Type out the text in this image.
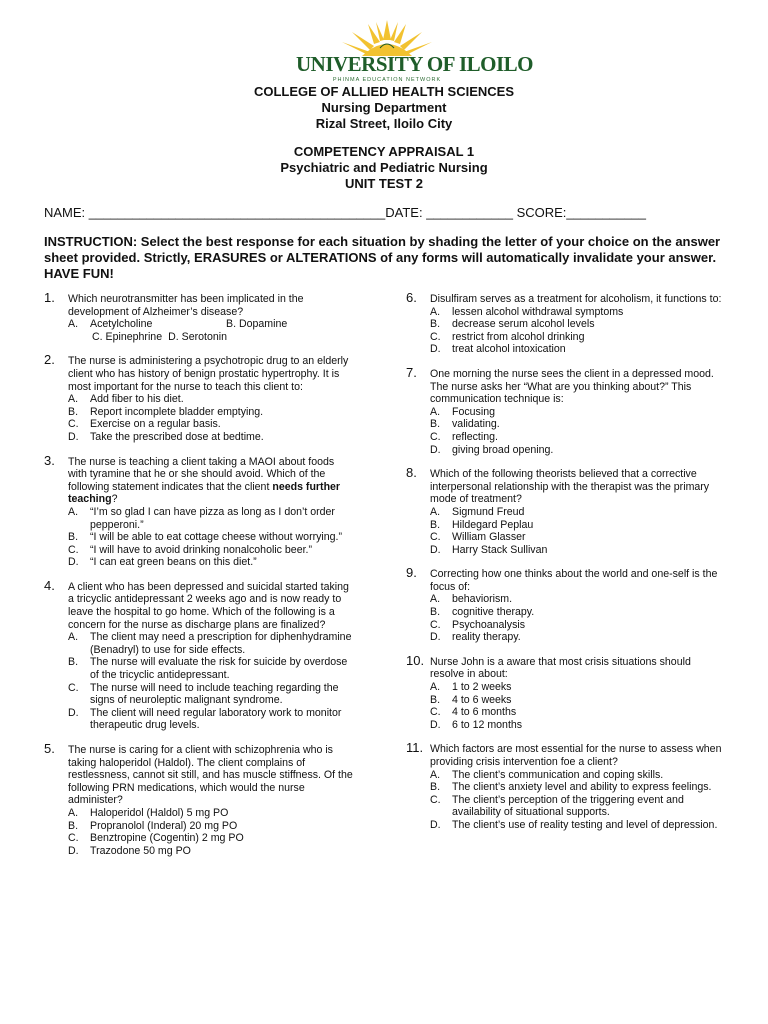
UNIVERSITY OF ILOILO
PHINMA EDUCATION NETWORK
COLLEGE OF ALLIED HEALTH SCIENCES
Nursing Department
Rizal Street, Iloilo City
COMPETENCY APPRAISAL 1
Psychiatric and Pediatric Nursing
UNIT TEST 2
NAME: _________________________________________DATE: ____________ SCORE:___________
INSTRUCTION: Select the best response for each situation by shading the letter of your choice on the answer sheet provided. Strictly, ERASURES or ALTERATIONS of any forms will automatically invalidate your answer. HAVE FUN!
1. Which neurotransmitter has been implicated in the development of Alzheimer’s disease?
A. Acetylcholine	B. Dopamine
C. Epinephrine D. Serotonin
2. The nurse is administering a psychotropic drug to an elderly client who has history of benign prostatic hypertrophy. It is most important for the nurse to teach this client to:
A. Add fiber to his diet.
B. Report incomplete bladder emptying.
C. Exercise on a regular basis.
D. Take the prescribed dose at bedtime.
3. The nurse is teaching a client taking a MAOI about foods with tyramine that he or she should avoid. Which of the following statement indicates that the client needs further teaching?
A. “I’m so glad I can have pizza as long as I don’t order pepperoni.”
B. “I will be able to eat cottage cheese without worrying.”
C. “I will have to avoid drinking nonalcoholic beer.”
D. “I can eat green beans on this diet.”
4. A client who has been depressed and suicidal started taking a tricyclic antidepressant 2 weeks ago and is now ready to leave the hospital to go home. Which of the following is a concern for the nurse as discharge plans are finalized?
A. The client may need a prescription for diphenhydramine (Benadryl) to use for side effects.
B. The nurse will evaluate the risk for suicide by overdose of the tricyclic antidepressant.
C. The nurse will need to include teaching regarding the signs of neuroleptic malignant syndrome.
D. The client will need regular laboratory work to monitor therapeutic drug levels.
5. The nurse is caring for a client with schizophrenia who is taking haloperidol (Haldol). The client complains of restlessness, cannot sit still, and has muscle stiffness. Of the following PRN medications, which would the nurse administer?
A. Haloperidol (Haldol) 5 mg PO
B. Propranolol (Inderal) 20 mg PO
C. Benztropine (Cogentin) 2 mg PO
D. Trazodone 50 mg PO
6. Disulfiram serves as a treatment for alcoholism, it functions to:
A. lessen alcohol withdrawal symptoms
B. decrease serum alcohol levels
C. restrict from alcohol drinking
D. treat alcohol intoxication
7. One morning the nurse sees the client in a depressed mood. The nurse asks her “What are you thinking about?” This communication technique is:
A. Focusing
B. validating.
C. reflecting.
D. giving broad opening.
8. Which of the following theorists believed that a corrective interpersonal relationship with the therapist was the primary mode of treatment?
A. Sigmund Freud
B. Hildegard Peplau
C. William Glasser
D. Harry Stack Sullivan
9. Correcting how one thinks about the world and one-self is the focus of:
A. behaviorism.
B. cognitive therapy.
C. Psychoanalysis
D. reality therapy.
10. Nurse John is a aware that most crisis situations should resolve in about:
A. 1 to 2 weeks
B. 4 to 6 weeks
C. 4 to 6 months
D. 6 to 12 months
11. Which factors are most essential for the nurse to assess when providing crisis intervention foe a client?
A. The client’s communication and coping skills.
B. The client’s anxiety level and ability to express feelings.
C. The client’s perception of the triggering event and availability of situational supports.
D. The client’s use of reality testing and level of depression.
